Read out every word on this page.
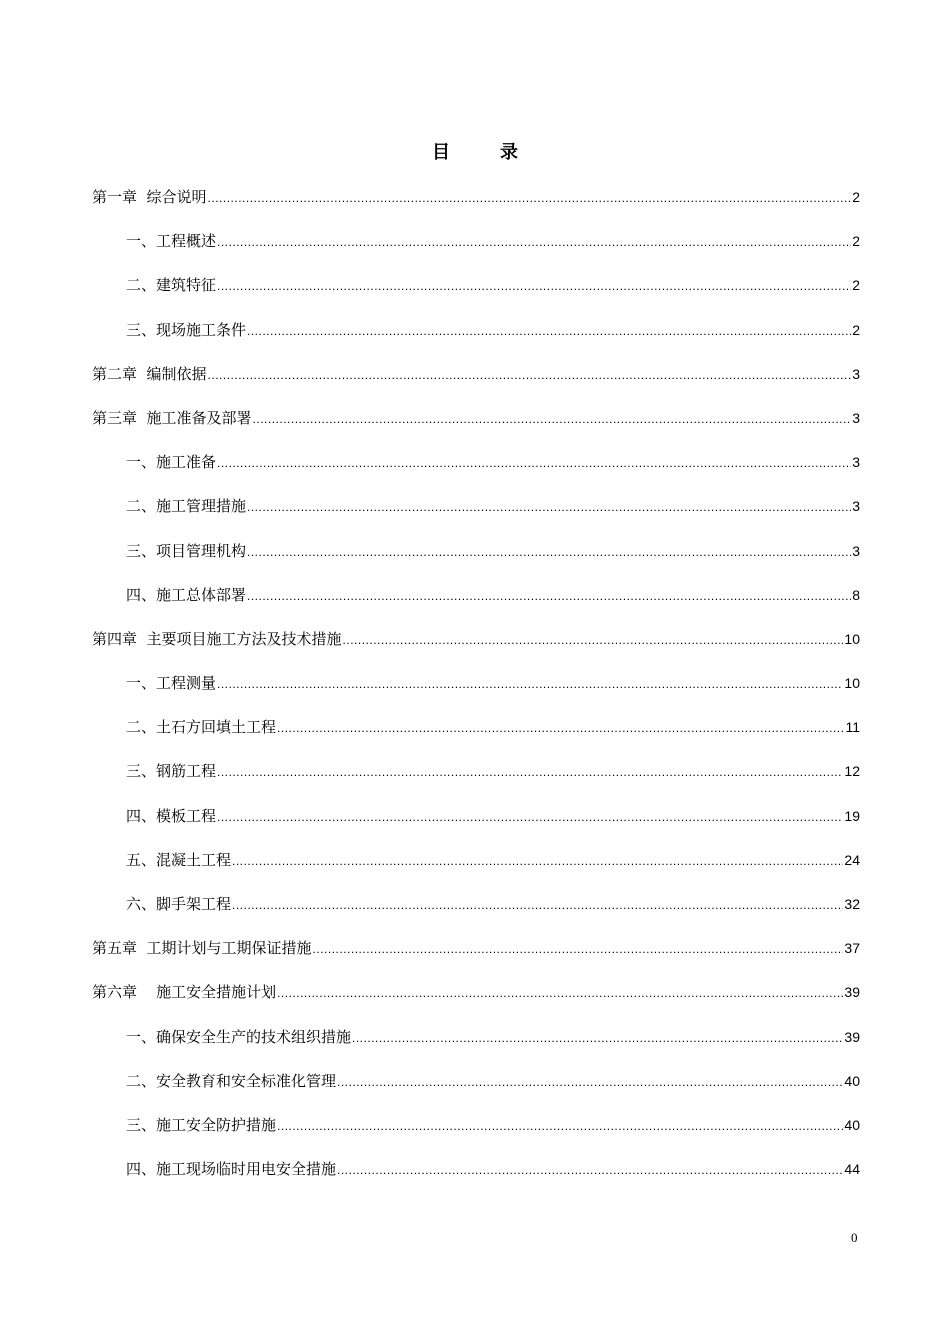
目　录
第一章  综合说明 .....	2
一、工程概述 .....	2
二、建筑特征 .....	2
三、现场施工条件 .....	2
第二章  编制依据 .....	3
第三章  施工准备及部署 .....	3
一、施工准备 .....	3
二、施工管理措施 .....	3
三、项目管理机构 .....	3
四、施工总体部署 .....	8
第四章  主要项目施工方法及技术措施 .....	10
一、工程测量 .....	10
二、土石方回填土工程 .....	11
三、钢筋工程 .....	12
四、模板工程 .....	19
五、混凝土工程 .....	24
六、脚手架工程 .....	32
第五章  工期计划与工期保证措施 .....	37
第六章    施工安全措施计划 .....	39
一、确保安全生产的技术组织措施 .....	39
二、安全教育和安全标准化管理 .....	40
三、施工安全防护措施 .....	40
四、施工现场临时用电安全措施 .....	44
0
